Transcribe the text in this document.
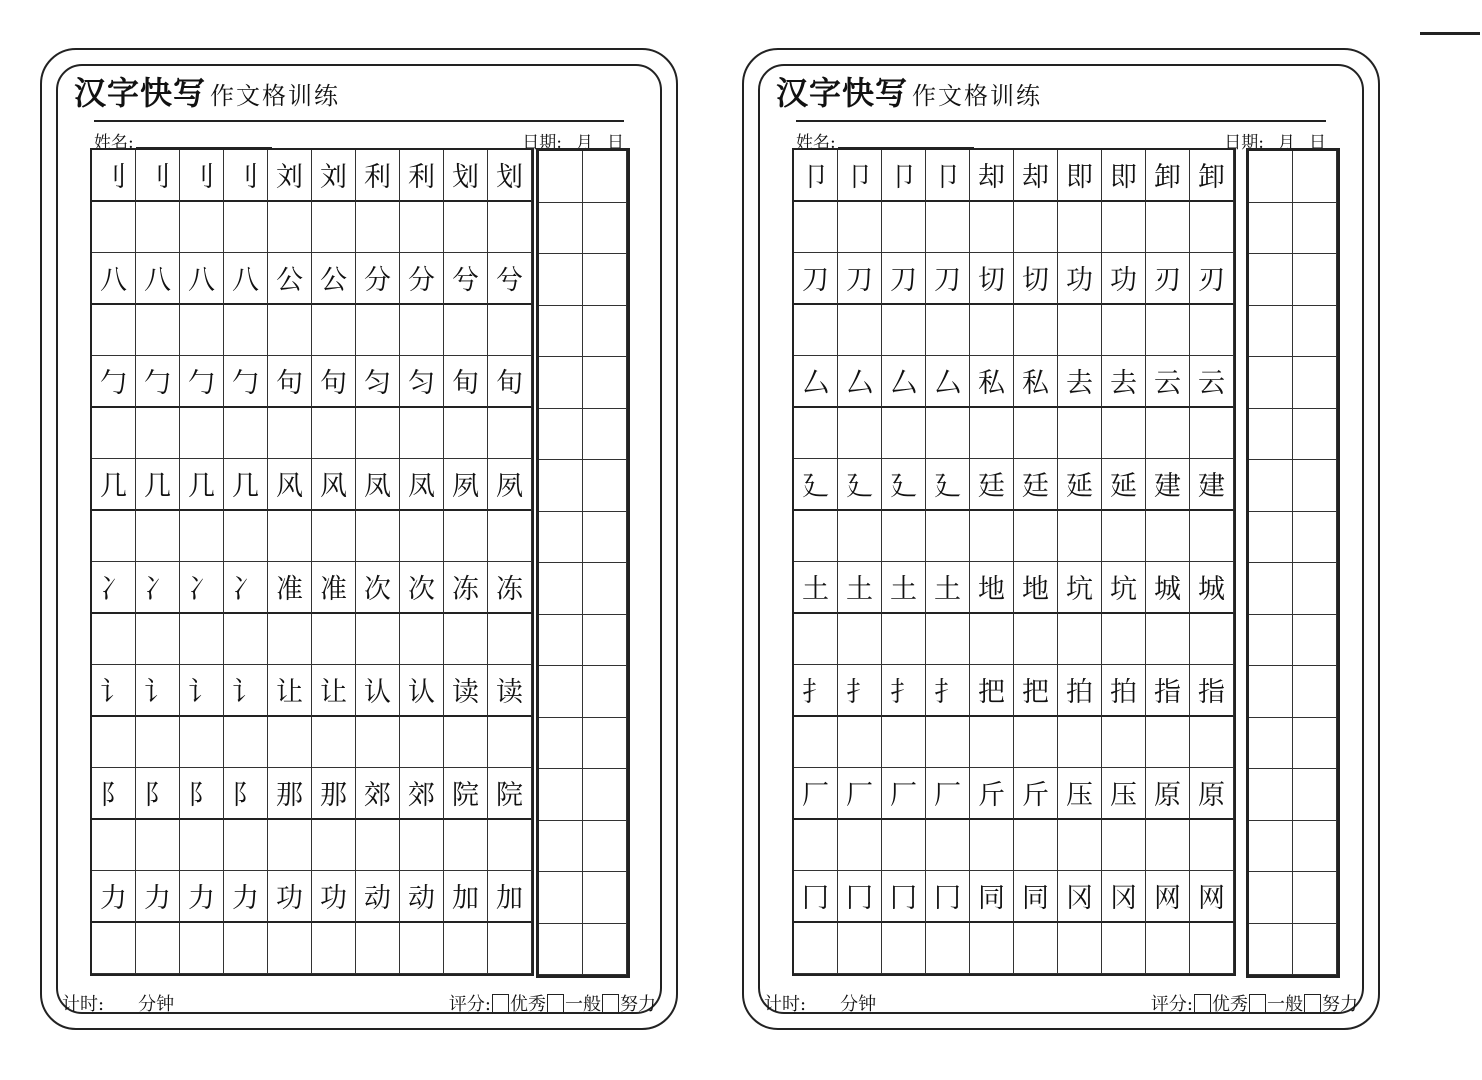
汉字快写 作文格训练
姓名:	日期: 月 日
刂 刂 刂 刂 刘 刘 利 利 划 划
八 八 八 八 公 公 分 分 兮 兮
勹 勹 勹 勹 句 句 匀 匀 旬 旬
几 几 几 几 风 风 凤 凤 夙 夙
冫 冫 冫 冫 准 准 次 次 冻 冻
讠 讠 讠 讠 让 让 认 认 读 读
阝 阝 阝 阝 那 那 郊 郊 院 院
力 力 力 力 功 功 动 动 加 加
计时: 分钟	评分: 优秀 一般 努力
汉字快写 作文格训练
姓名:	日期: 月 日
卩 卩 卩 卩 却 却 即 即 卸 卸
刀 刀 刀 刀 切 切 功 功 刃 刃
厶 厶 厶 厶 私 私 去 去 云 云
廴 廴 廴 廴 廷 廷 延 延 建 建
土 土 土 土 地 地 坑 坑 城 城
扌 扌 扌 扌 把 把 拍 拍 指 指
厂 厂 厂 厂 斤 斤 压 压 原 原
冂 冂 冂 冂 同 同 冈 冈 网 网
计时: 分钟	评分: 优秀 一般 努力
